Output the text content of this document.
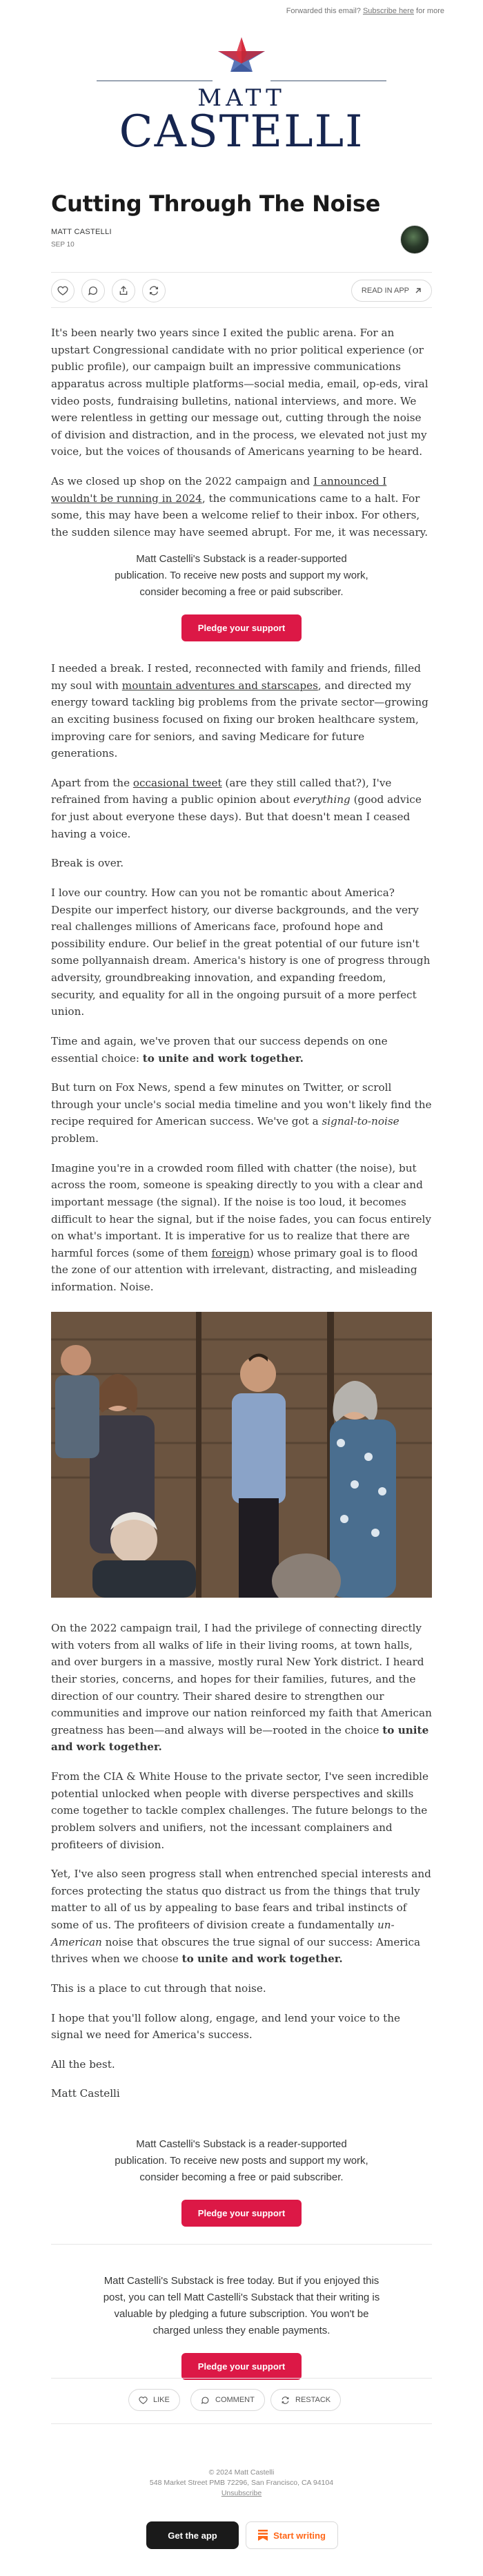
Forwarded this email? Subscribe here for more
MATT
CASTELLI
Cutting Through The Noise
MATT CASTELLI
SEP 10
READ IN APP

It's been nearly two years since I exited the public arena. For an upstart Congressional candidate with no prior political experience (or public profile), our campaign built an impressive communications apparatus across multiple platforms—social media, email, op-eds, viral video posts, fundraising bulletins, national interviews, and more. We were relentless in getting our message out, cutting through the noise of division and distraction, and in the process, we elevated not just my voice, but the voices of thousands of Americans yearning to be heard.

As we closed up shop on the 2022 campaign and I announced I wouldn't be running in 2024, the communications came to a halt. For some, this may have been a welcome relief to their inbox. For others, the sudden silence may have seemed abrupt. For me, it was necessary.

Matt Castelli's Substack is a reader-supported publication. To receive new posts and support my work, consider becoming a free or paid subscriber.
Pledge your support

I needed a break. I rested, reconnected with family and friends, filled my soul with mountain adventures and starscapes, and directed my energy toward tackling big problems from the private sector—growing an exciting business focused on fixing our broken healthcare system, improving care for seniors, and saving Medicare for future generations.

Apart from the occasional tweet (are they still called that?), I've refrained from having a public opinion about everything (good advice for just about everyone these days). But that doesn't mean I ceased having a voice.

Break is over.

I love our country. How can you not be romantic about America? Despite our imperfect history, our diverse backgrounds, and the very real challenges millions of Americans face, profound hope and possibility endure. Our belief in the great potential of our future isn't some pollyannaish dream. America's history is one of progress through adversity, groundbreaking innovation, and expanding freedom, security, and equality for all in the ongoing pursuit of a more perfect union.

Time and again, we've proven that our success depends on one essential choice: to unite and work together.

But turn on Fox News, spend a few minutes on Twitter, or scroll through your uncle's social media timeline and you won't likely find the recipe required for American success. We've got a signal-to-noise problem.

Imagine you're in a crowded room filled with chatter (the noise), but across the room, someone is speaking directly to you with a clear and important message (the signal). If the noise is too loud, it becomes difficult to hear the signal, but if the noise fades, you can focus entirely on what's important. It is imperative for us to realize that there are harmful forces (some of them foreign) whose primary goal is to flood the zone of our attention with irrelevant, distracting, and misleading information. Noise.

On the 2022 campaign trail, I had the privilege of connecting directly with voters from all walks of life in their living rooms, at town halls, and over burgers in a massive, mostly rural New York district. I heard their stories, concerns, and hopes for their families, futures, and the direction of our country. Their shared desire to strengthen our communities and improve our nation reinforced my faith that American greatness has been—and always will be—rooted in the choice to unite and work together.

From the CIA & White House to the private sector, I've seen incredible potential unlocked when people with diverse perspectives and skills come together to tackle complex challenges. The future belongs to the problem solvers and unifiers, not the incessant complainers and profiteers of division.

Yet, I've also seen progress stall when entrenched special interests and forces protecting the status quo distract us from the things that truly matter to all of us by appealing to base fears and tribal instincts of some of us. The profiteers of division create a fundamentally un-American noise that obscures the true signal of our success: America thrives when we choose to unite and work together.

This is a place to cut through that noise.

I hope that you'll follow along, engage, and lend your voice to the signal we need for America's success.

All the best.

Matt Castelli

Matt Castelli's Substack is a reader-supported publication. To receive new posts and support my work, consider becoming a free or paid subscriber.
Pledge your support
Matt Castelli's Substack is free today. But if you enjoyed this post, you can tell Matt Castelli's Substack that their writing is valuable by pledging a future subscription. You won't be charged unless they enable payments.
Pledge your support
LIKE	COMMENT	RESTACK
© 2024 Matt Castelli
548 Market Street PMB 72296, San Francisco, CA 94104
Unsubscribe
Get the app	Start writing
